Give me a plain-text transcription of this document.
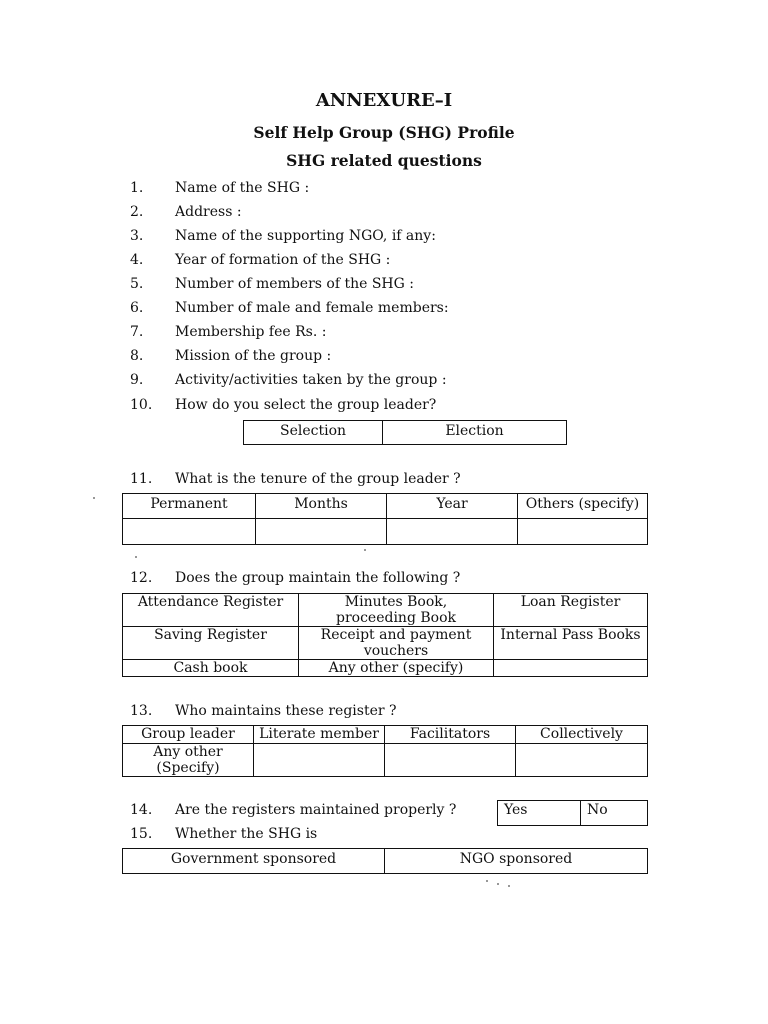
ANNEXURE–I
Self Help Group (SHG) Profile
SHG related questions
1. Name of the SHG :
2. Address :
3. Name of the supporting NGO, if any:
4. Year of formation of the SHG :
5. Number of members of the SHG :
6. Number of male and female members:
7. Membership fee Rs. :
8. Mission of the group :
9. Activity/activities taken by the group :
10. How do you select the group leader?
Selection	Election
11. What is the tenure of the group leader ?
Permanent	Months	Year	Others (specify)

12. Does the group maintain the following ?
Attendance Register	Minutes Book, proceeding Book	Loan Register
Saving Register	Receipt and payment vouchers	Internal Pass Books
Cash book	Any other (specify)	
13. Who maintains these register ?
Group leader	Literate member	Facilitators	Collectively
Any other (Specify)			
14. Are the registers maintained properly ?	Yes	No
15. Whether the SHG is
Government sponsored	NGO sponsored
